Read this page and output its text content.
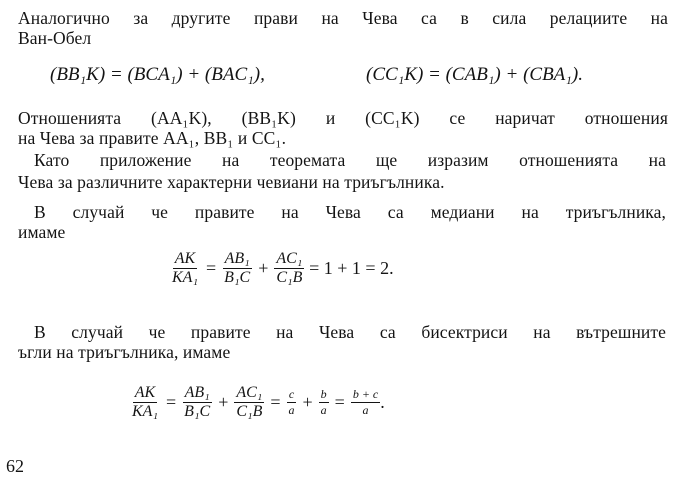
Аналогично за другите прави на Чева са в сила релациите на
Ван-Обел
(BB₁K) = (BCA₁) + (BAC₁),	(CC₁K) = (CAB₁) + (CBA₁).
Отношенията (AA₁K), (BB₁K) и (CC₁K) се наричат отношения
на Чева за правите AA₁, BB₁ и CC₁.
Като приложение на теоремата ще изразим отношенията на
Чева за различните характерни чевиани на триъгълника.
В случай че правите на Чева са медиани на триъгълника,
имаме
$\frac{AK}{\text{KA₁}} = \frac{\text{AB₁}}{\text{B₁C}} + \frac{\text{AC₁}}{\text{C₁B}} = 1 + 1 = 2$.
В случай че правите на Чева са бисектриси на вътрешните
ъгли на триъгълника, имаме
$\frac{AK}{\text{KA₁}} = \frac{\text{AB₁}}{\text{B₁C}} + \frac{\text{AC₁}}{\text{C₁B}} = \frac{c}{a} + \frac{b}{a} = \frac{b + c}{a}$ .
62
